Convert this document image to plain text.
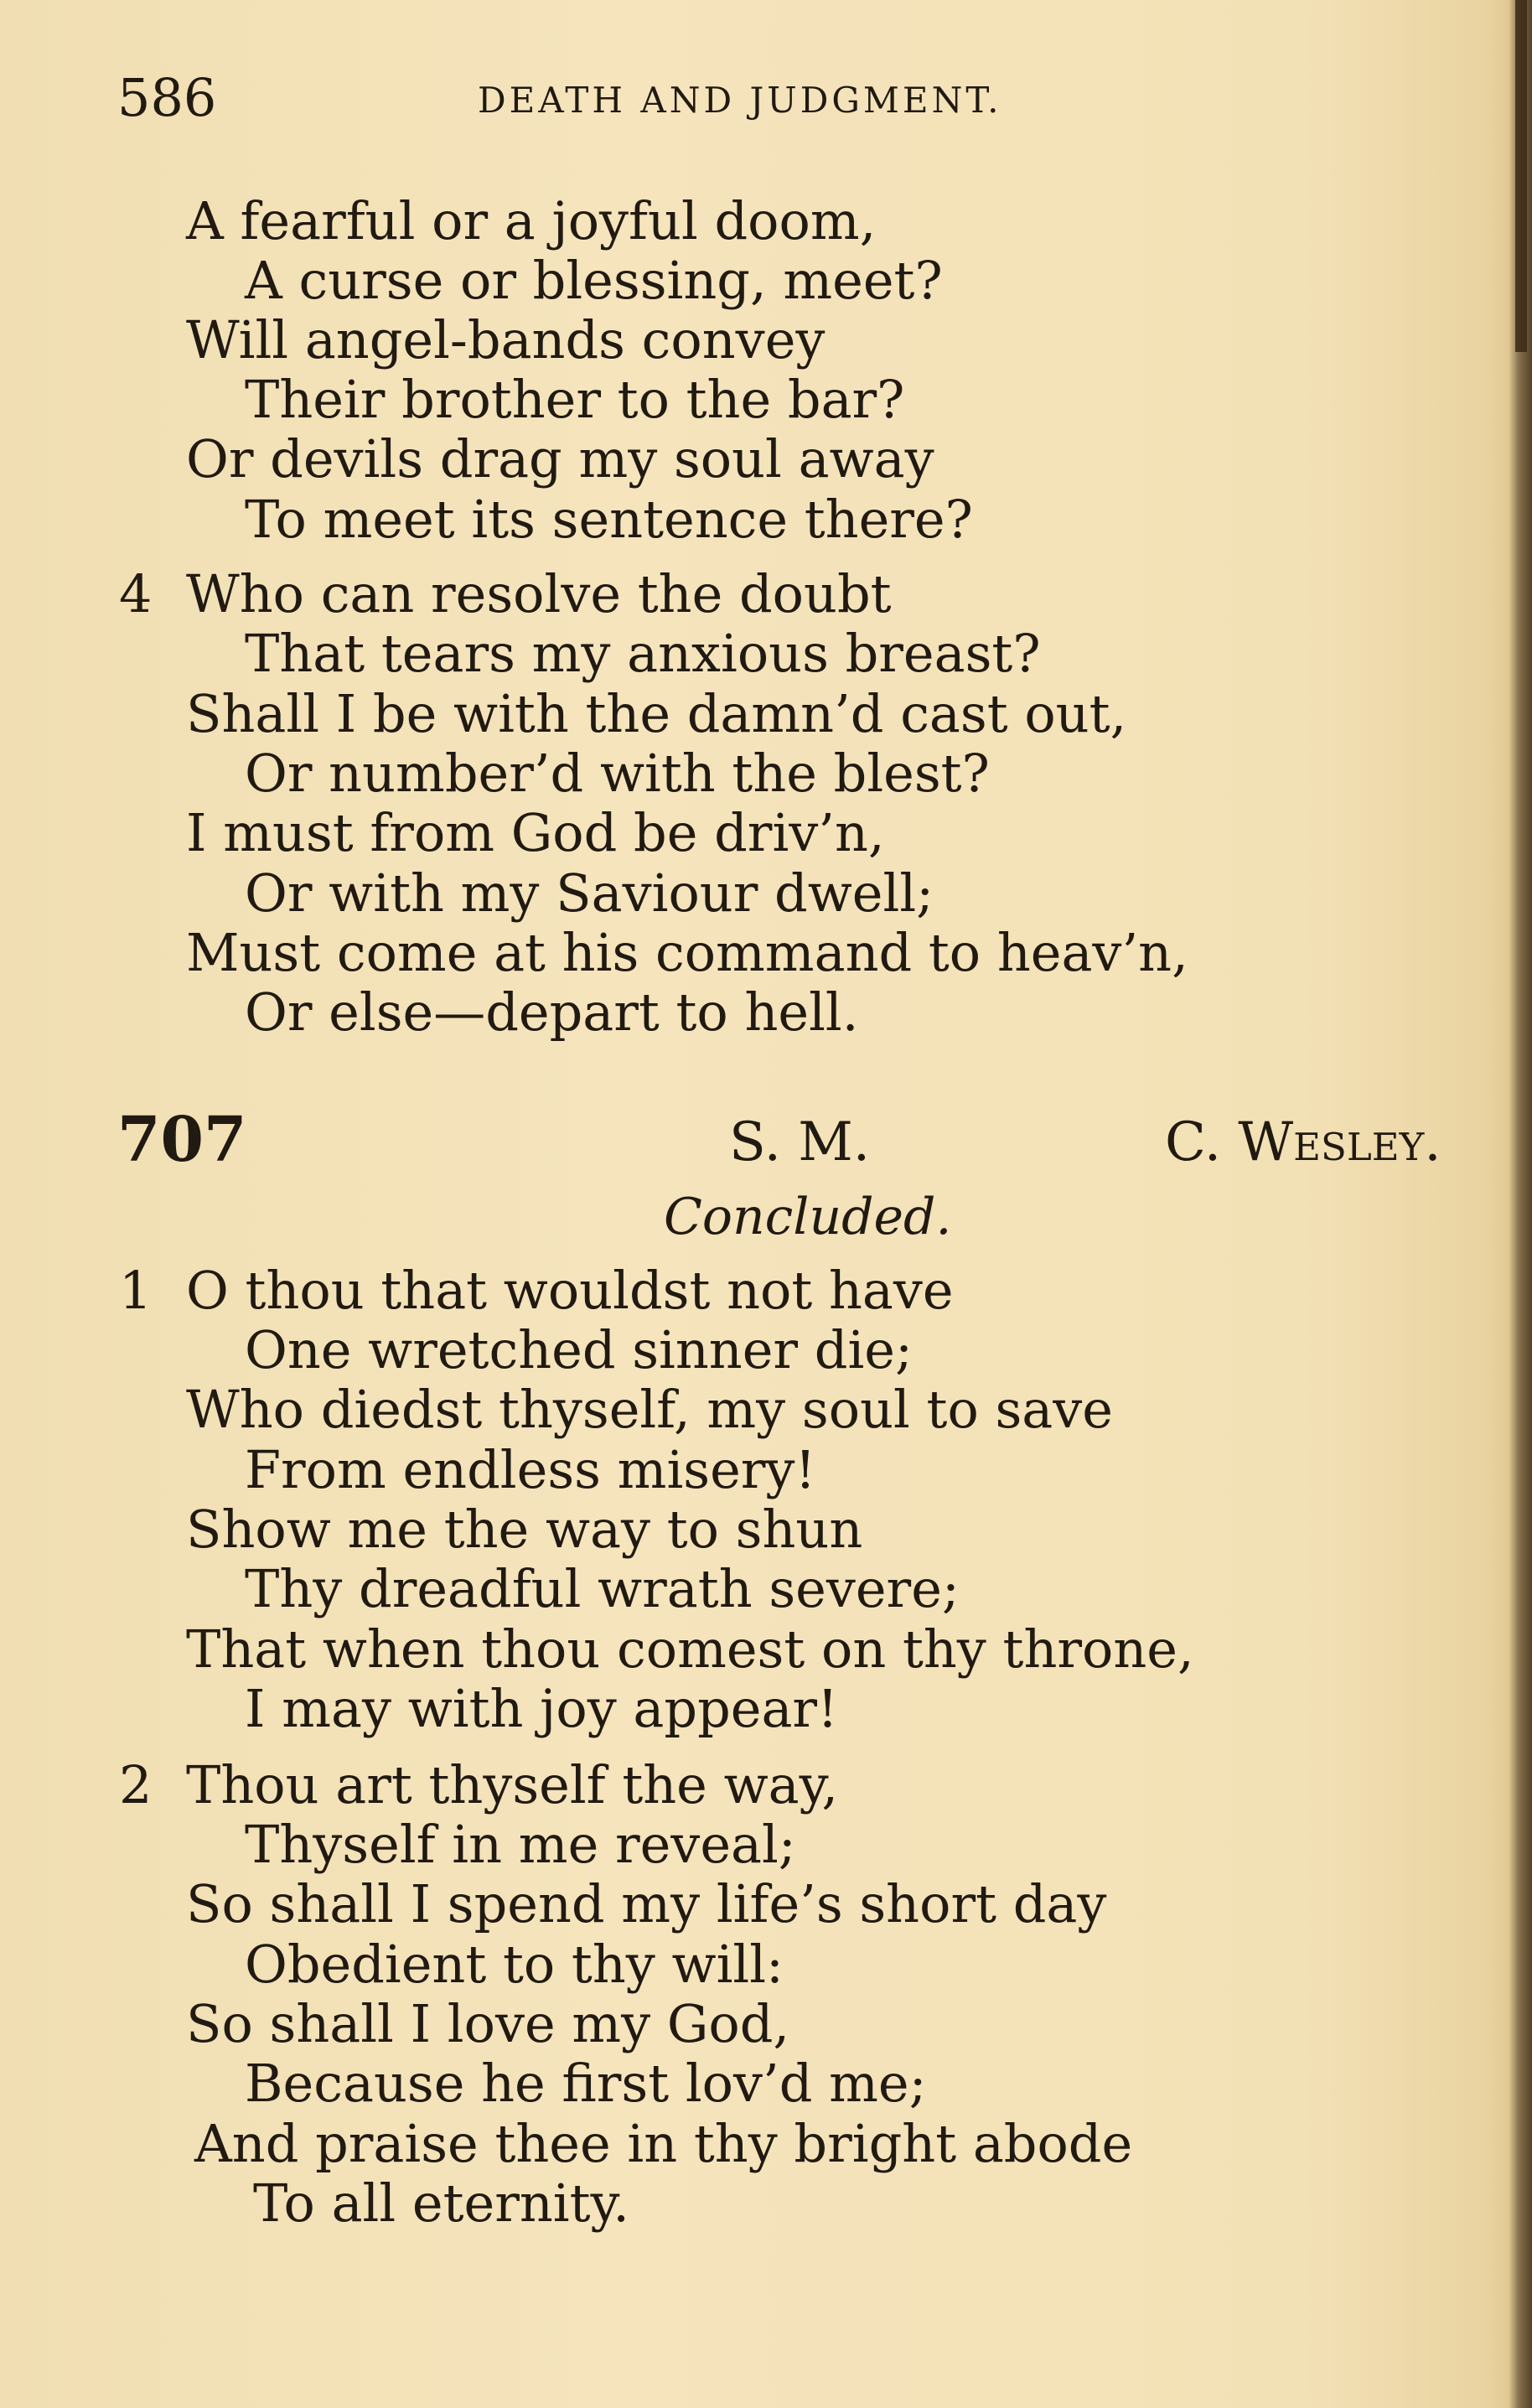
586	DEATH AND JUDGMENT.
A fearful or a joyful doom,
A curse or blessing, meet?
Will angel-bands convey
Their brother to the bar?
Or devils drag my soul away
To meet its sentence there?
4 Who can resolve the doubt
That tears my anxious breast?
Shall I be with the damn’d cast out,
Or number’d with the blest?
I must from God be driv’n,
Or with my Saviour dwell;
Must come at his command to heav’n,
Or else—depart to hell.
707	S. M.	C. Wesley.
Concluded.
1 O thou that wouldst not have
One wretched sinner die;
Who diedst thyself, my soul to save
From endless misery!
Show me the way to shun
Thy dreadful wrath severe;
That when thou comest on thy throne,
I may with joy appear!
2 Thou art thyself the way,
Thyself in me reveal;
So shall I spend my life’s short day
Obedient to thy will:
So shall I love my God,
Because he first lov’d me;
And praise thee in thy bright abode
To all eternity.
